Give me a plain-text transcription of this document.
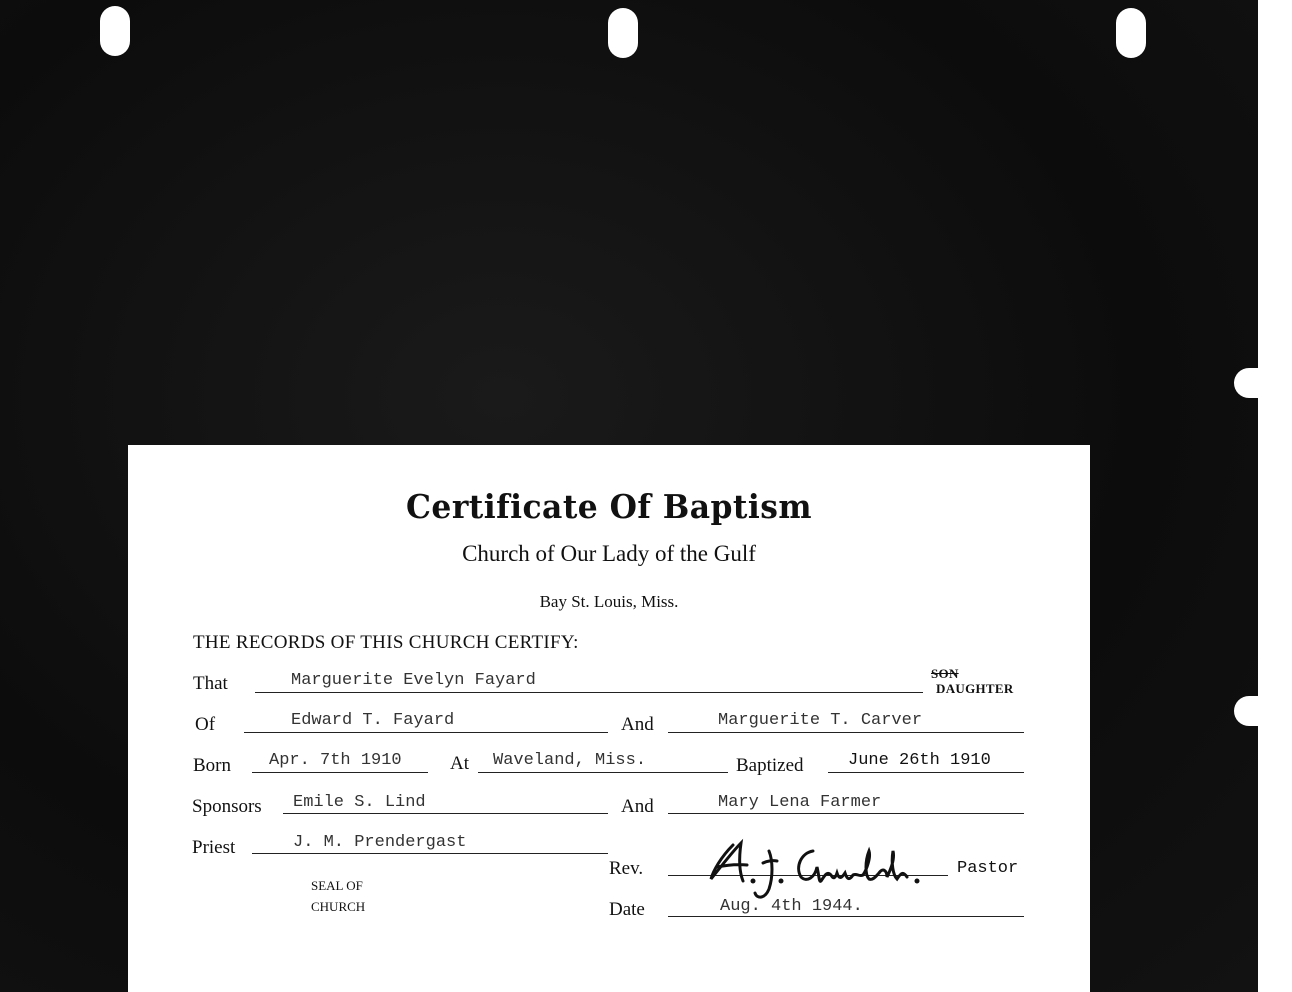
Certificate Of Baptism
Church of Our Lady of the Gulf
Bay St. Louis, Miss.
THE RECORDS OF THIS CHURCH CERTIFY:
That	Marguerite Evelyn Fayard	SON
DAUGHTER
Of	Edward T. Fayard	And	Marguerite T. Carver
Born Apr. 7th 1910	At Waveland, Miss.	Baptized	June 26th 1910
Sponsors Emile S. Lind	And	Mary Lena Farmer
Priest	J. M. Prendergast
SEAL OF
CHURCH
Rev.	Pastor
Date	Aug. 4th 1944.
